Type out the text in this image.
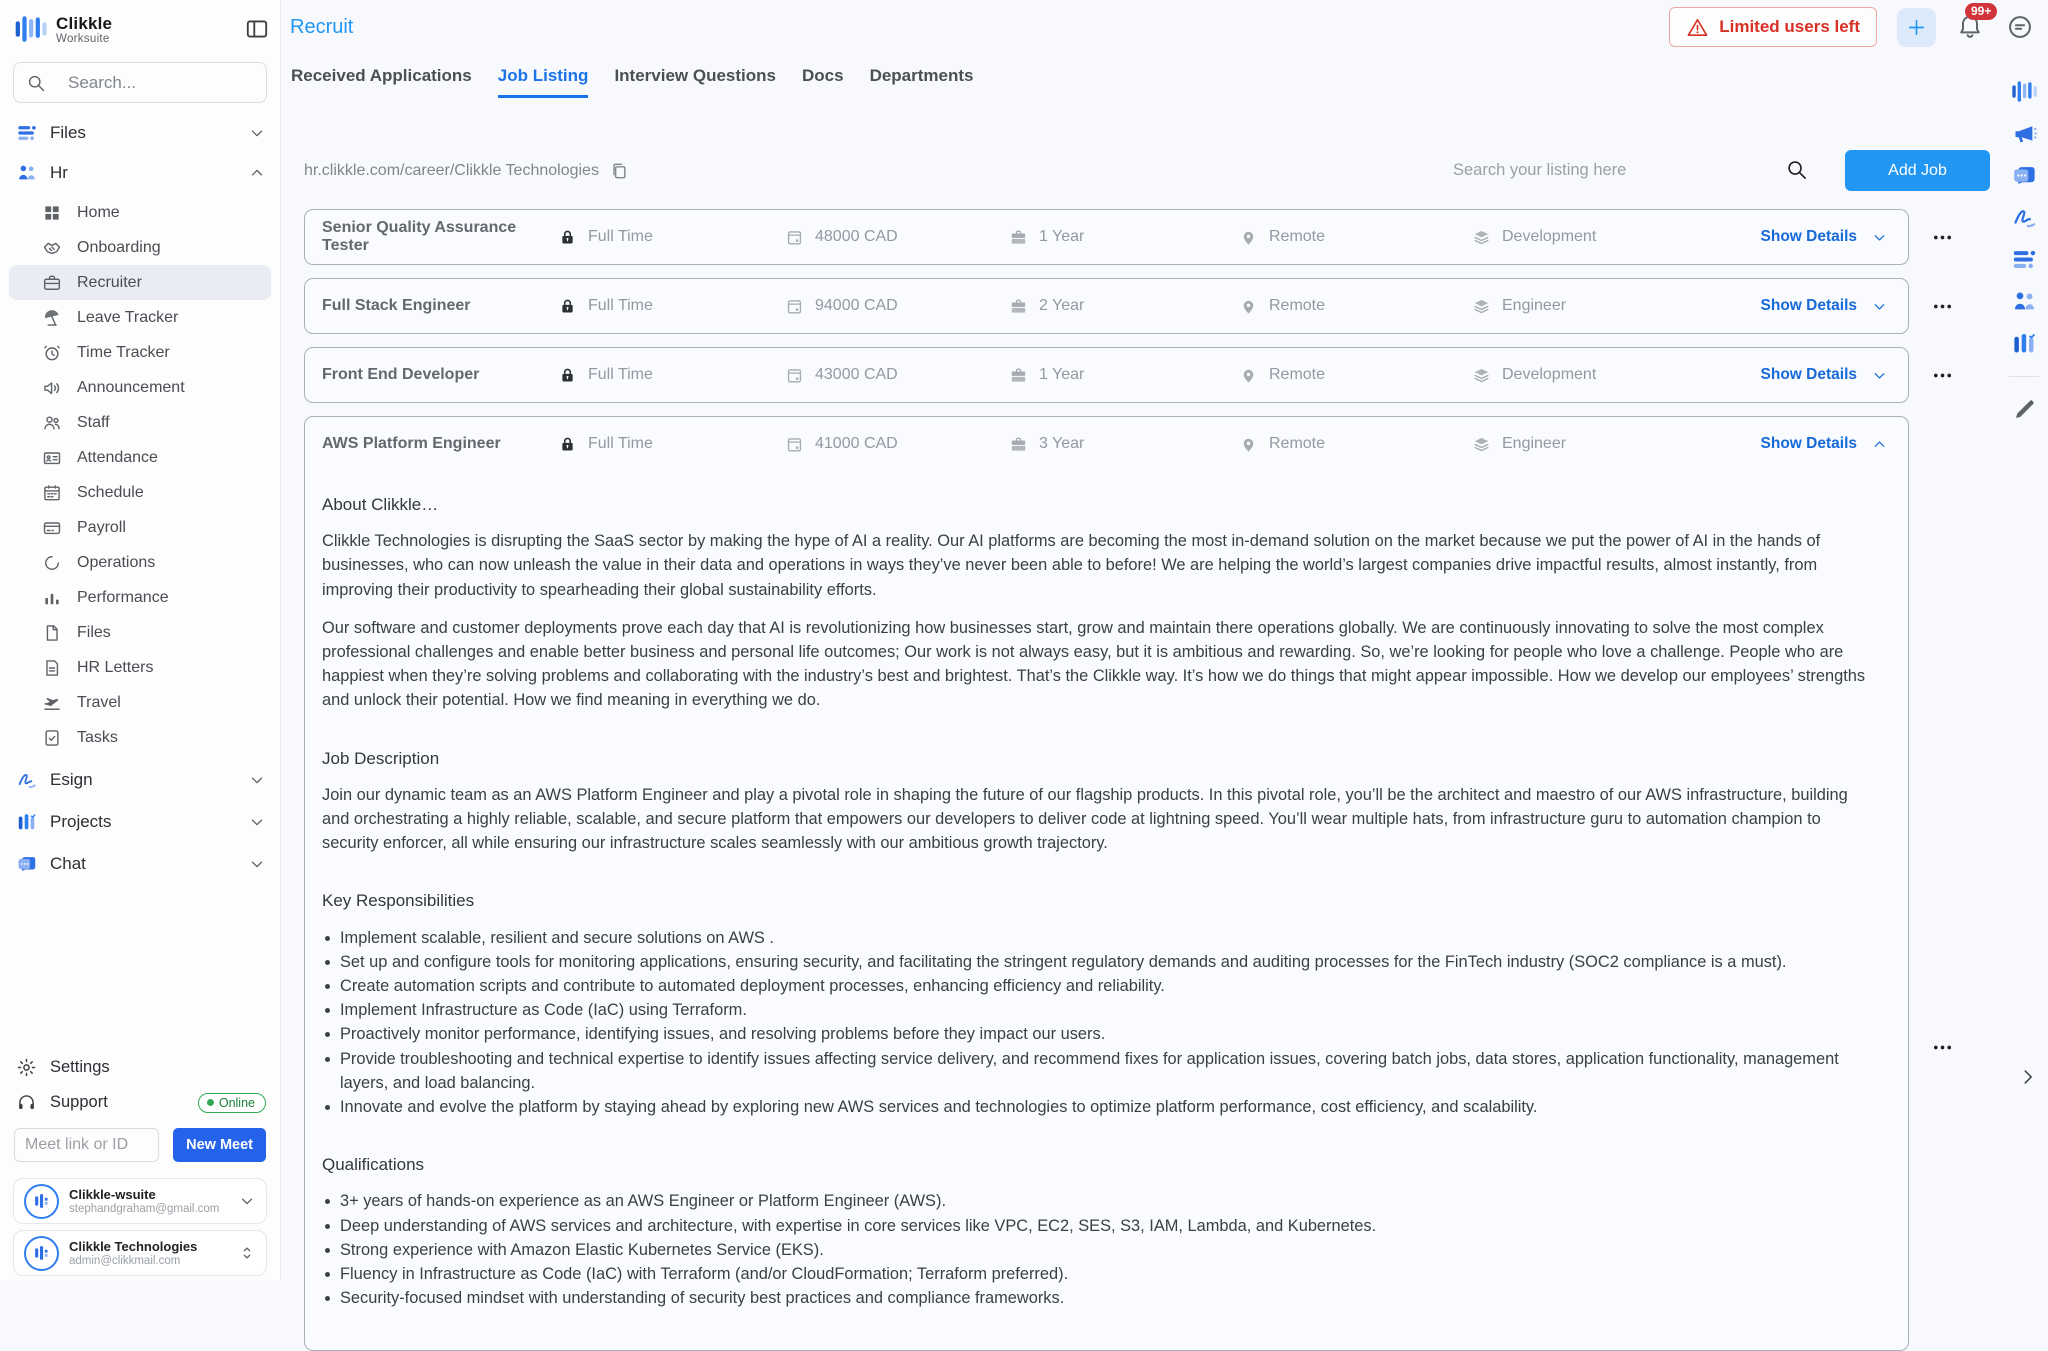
Clikkle
Worksuite
Search...
Files
Hr
Home
Onboarding
Recruiter
Leave Tracker
Time Tracker
Announcement
Staff
Attendance
Schedule
Payroll
Operations
Performance
Files
HR Letters
Travel
Tasks
Esign
Projects
Chat
Settings
Support	Online
Meet link or ID
New Meet
Clikkle-wsuite
stephandgraham@gmail.com
Clikkle Technologies
admin@clikkmail.com
Recruit	Limited users left
99+
Received Applications Job Listing Interview Questions Docs Departments
hr.clikkle.com/career/Clikkle Technologies
Search your listing here	Add Job
Senior Quality Assurance Tester
Full Time	48000 CAD	1 Year	Remote	Development	Show Details
Full Stack Engineer	Full Time	94000 CAD	2 Year	Remote	Engineer	Show Details
Front End Developer	Full Time	43000 CAD	1 Year	Remote	Development	Show Details
AWS Platform Engineer	Full Time	41000 CAD	3 Year	Remote	Engineer	Show Details
About Clikkle…

Clikkle Technologies is disrupting the SaaS sector by making the hype of AI a reality. Our AI platforms are becoming the most in-demand solution on the market because we put the power of AI in the hands of businesses, who can now unleash the value in their data and operations in ways they’ve never been able to before! We are helping the world’s largest companies drive impactful results, almost instantly, from improving their productivity to spearheading their global sustainability efforts.

Our software and customer deployments prove each day that AI is revolutionizing how businesses start, grow and maintain there operations globally. We are continuously innovating to solve the most complex professional challenges and enable better business and personal life outcomes; Our work is not always easy, but it is ambitious and rewarding. So, we’re looking for people who love a challenge. People who are happiest when they’re solving problems and collaborating with the industry’s best and brightest. That’s the Clikkle way. It’s how we do things that might appear impossible. How we develop our employees’ strengths and unlock their potential. How we find meaning in everything we do.

Job Description

Join our dynamic team as an AWS Platform Engineer and play a pivotal role in shaping the future of our flagship products. In this pivotal role, you’ll be the architect and maestro of our AWS infrastructure, building and orchestrating a highly reliable, scalable, and secure platform that empowers our developers to deliver code at lightning speed. You’ll wear multiple hats, from infrastructure guru to automation champion to security enforcer, all while ensuring our infrastructure scales seamlessly with our ambitious growth trajectory.

Key Responsibilities
Implement scalable, resilient and secure solutions on AWS .
Set up and configure tools for monitoring applications, ensuring security, and facilitating the stringent regulatory demands and auditing processes for the FinTech industry (SOC2 compliance is a must).
Create automation scripts and contribute to automated deployment processes, enhancing efficiency and reliability.
Implement Infrastructure as Code (IaC) using Terraform.
Proactively monitor performance, identifying issues, and resolving problems before they impact our users.
Provide troubleshooting and technical expertise to identify issues affecting service delivery, and recommend fixes for application issues, covering batch jobs, data stores, application functionality, management layers, and load balancing.
Innovate and evolve the platform by staying ahead by exploring new AWS services and technologies to optimize platform performance, cost efficiency, and scalability.
Qualifications
3+ years of hands-on experience as an AWS Engineer or Platform Engineer (AWS).
Deep understanding of AWS services and architecture, with expertise in core services like VPC, EC2, SES, S3, IAM, Lambda, and Kubernetes.
Strong experience with Amazon Elastic Kubernetes Service (EKS).
Fluency in Infrastructure as Code (IaC) with Terraform (and/or CloudFormation; Terraform preferred).
Security-focused mindset with understanding of security best practices and compliance frameworks.
